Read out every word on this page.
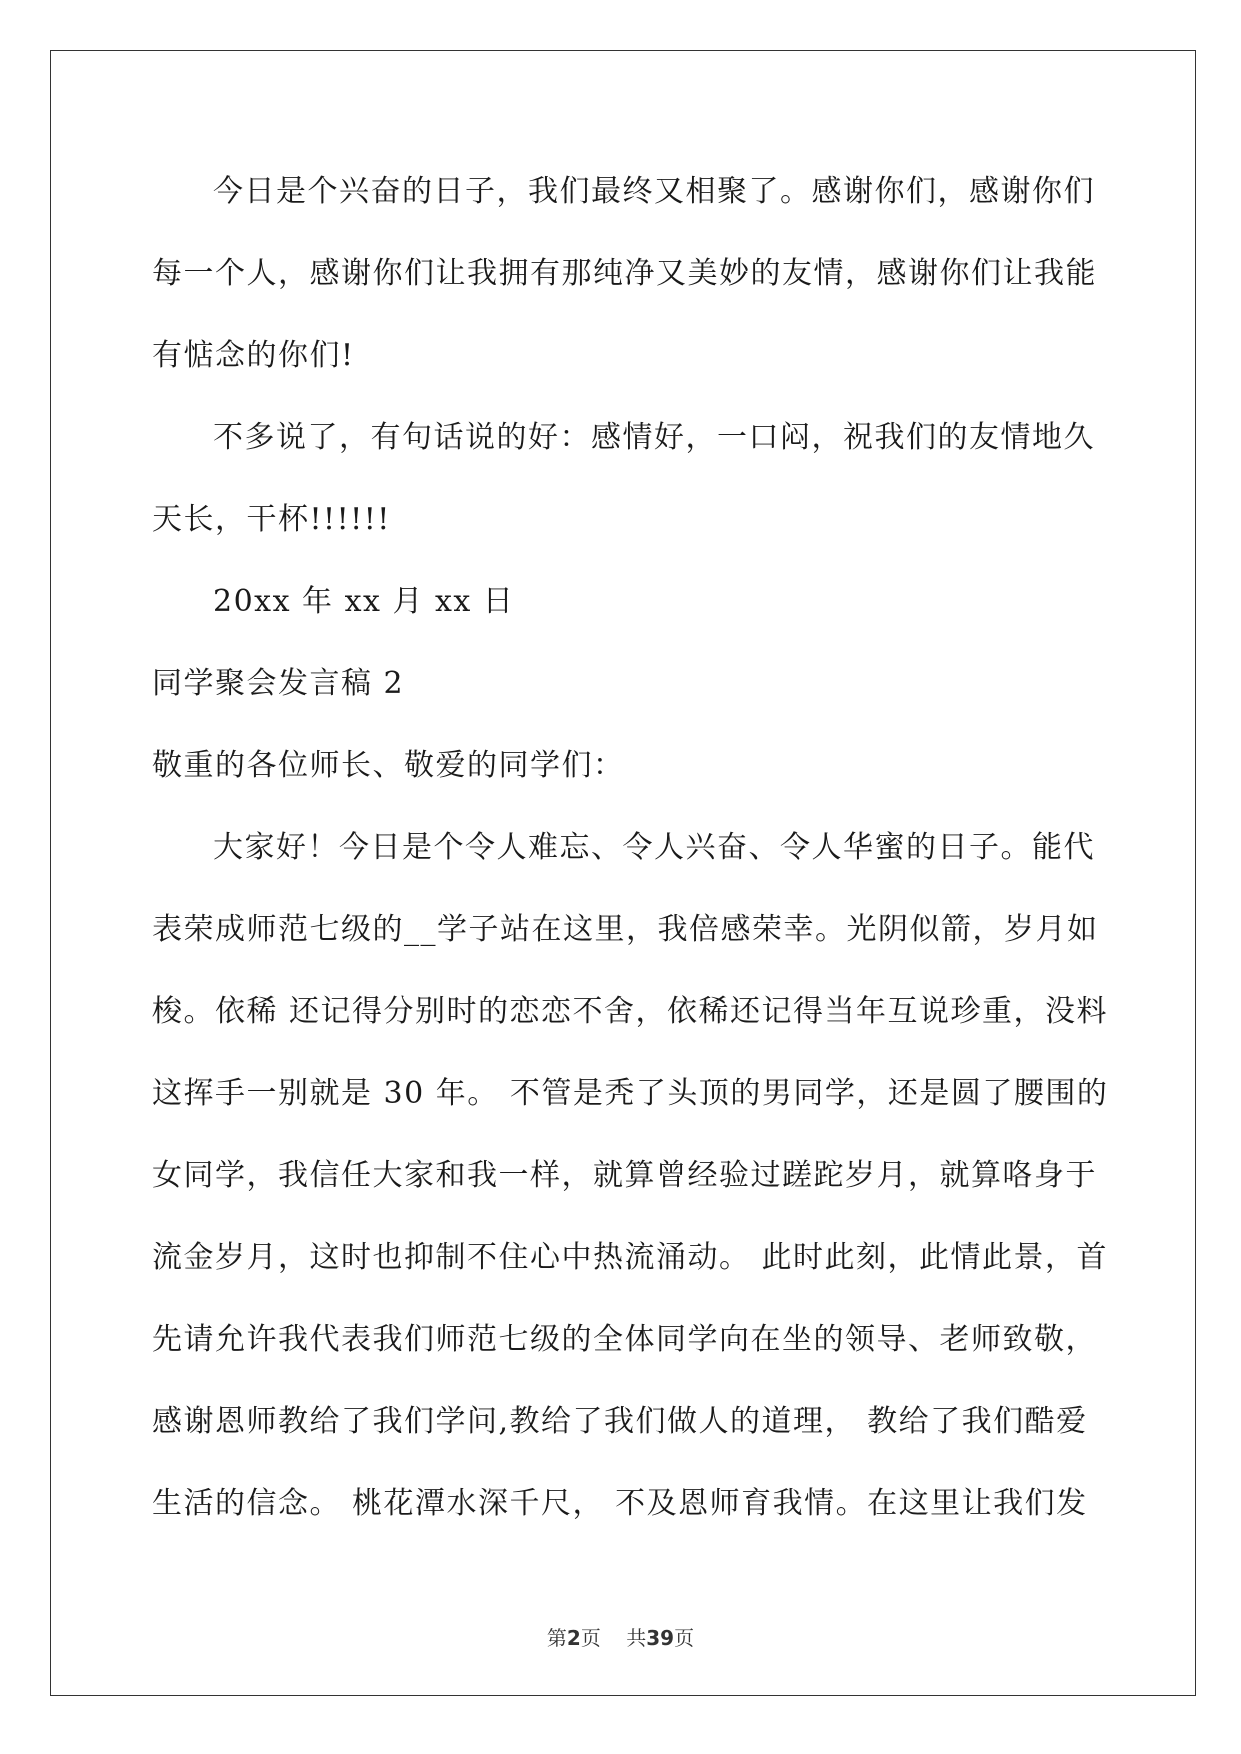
今 日 是 个 兴 奋 的 日 子 ， 我 们 最 终 又 相 聚 了 。 感 谢 你 们 ， 感 谢 你 们
每 一 个 人 ， 感 谢 你 们 让 我 拥 有 那 纯 净 又 美 妙 的 友 情 ， 感 谢 你 们 让 我 能
有惦念的你们!
不 多 说 了 ， 有 句 话 说 的 好 ： 感 情 好 ， 一 口 闷 ， 祝 我 们 的 友 情 地 久
天长，干杯!!!!!!
20xx 年 xx 月 xx 日
同学聚会发言稿 2
敬重的各位师长、敬爱的同学们：
大 家 好 ！ 今 日 是 个 令 人 难 忘 、 令 人 兴 奋 、 令 人 华 蜜 的 日 子 。 能 代
表 荣 成 师 范 七 级 的 _ _ 学 子 站 在 这 里 ， 我 倍 感 荣 幸 。 光 阴 似 箭 ， 岁 月 如
梭 。 依 稀
还 记 得 分 别 时 的 恋 恋 不 舍 ， 依 稀 还 记 得 当 年 互 说 珍 重 ， 没 料
这 挥 手 一 别 就 是
3 0
年 。
不 管 是 秃 了 头 顶 的 男 同 学 ， 还 是 圆 了 腰 围 的
女 同 学 ， 我 信 任 大 家 和 我 一 样 ， 就 算 曾 经 验 过 蹉 跎 岁 月 ， 就 算 咯 身 于
流 金 岁 月 ， 这 时 也 抑 制 不 住 心 中 热 流 涌 动 。
此 时 此 刻 ， 此 情 此 景 ， 首
先 请 允 许 我 代 表 我 们 师 范 七 级 的 全 体 同 学 向 在 坐 的 领 导 、 老 师 致 敬 ，
感 谢 恩 师 教 给 了 我 们 学 问 , 教 给 了 我 们 做 人 的 道 理 ，
教 给 了 我 们 酷 爱
生 活 的 信 念 。
桃 花 潭 水 深 千 尺 ，
不 及 恩 师 育 我 情 。 在 这 里 让 我 们 发
第2页 共39页
